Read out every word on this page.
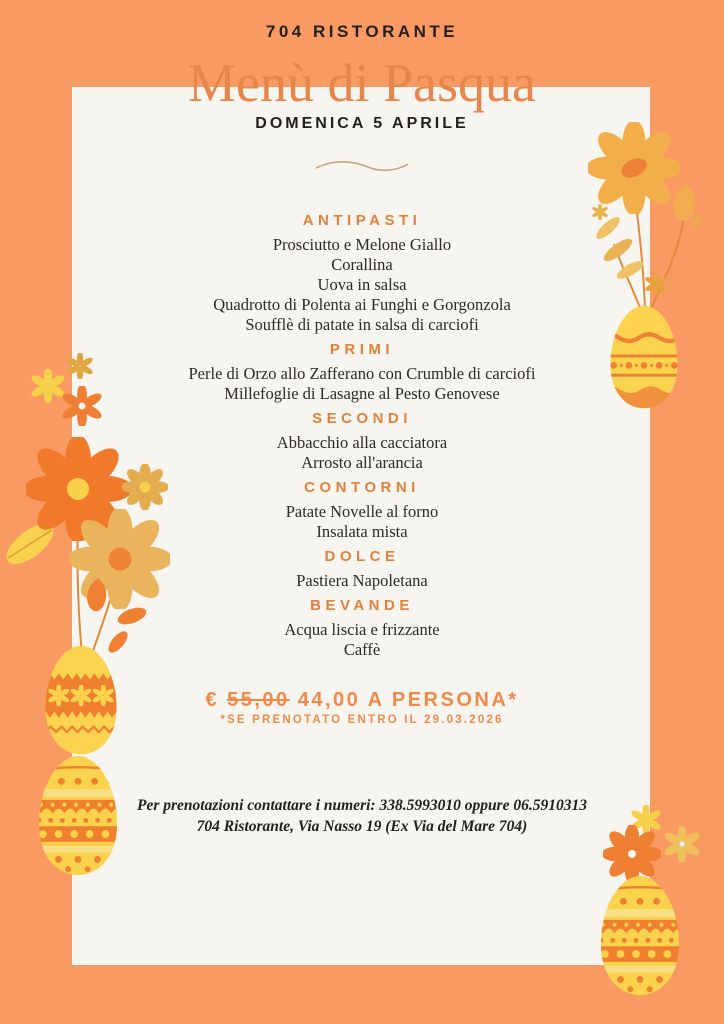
704 RISTORANTE
Menù di Pasqua
DOMENICA 5 APRILE
ANTIPASTI
Prosciutto e Melone Giallo
Corallina
Uova in salsa
Quadrotto di Polenta ai Funghi e Gorgonzola
Soufflè di patate in salsa di carciofi
PRIMI
Perle di Orzo allo Zafferano con Crumble di carciofi
Millefoglie di Lasagne al Pesto Genovese
SECONDI
Abbacchio alla cacciatora
Arrosto all'arancia
CONTORNI
Patate Novelle al forno
Insalata mista
DOLCE
Pastiera Napoletana
BEVANDE
Acqua liscia e frizzante
Caffè
€ 55,00 44,00 A PERSONA*
*SE PRENOTATO ENTRO IL 29.03.2026
Per prenotazioni contattare i numeri: 338.5993010 oppure 06.5910313
704 Ristorante, Via Nasso 19 (Ex Via del Mare 704)
